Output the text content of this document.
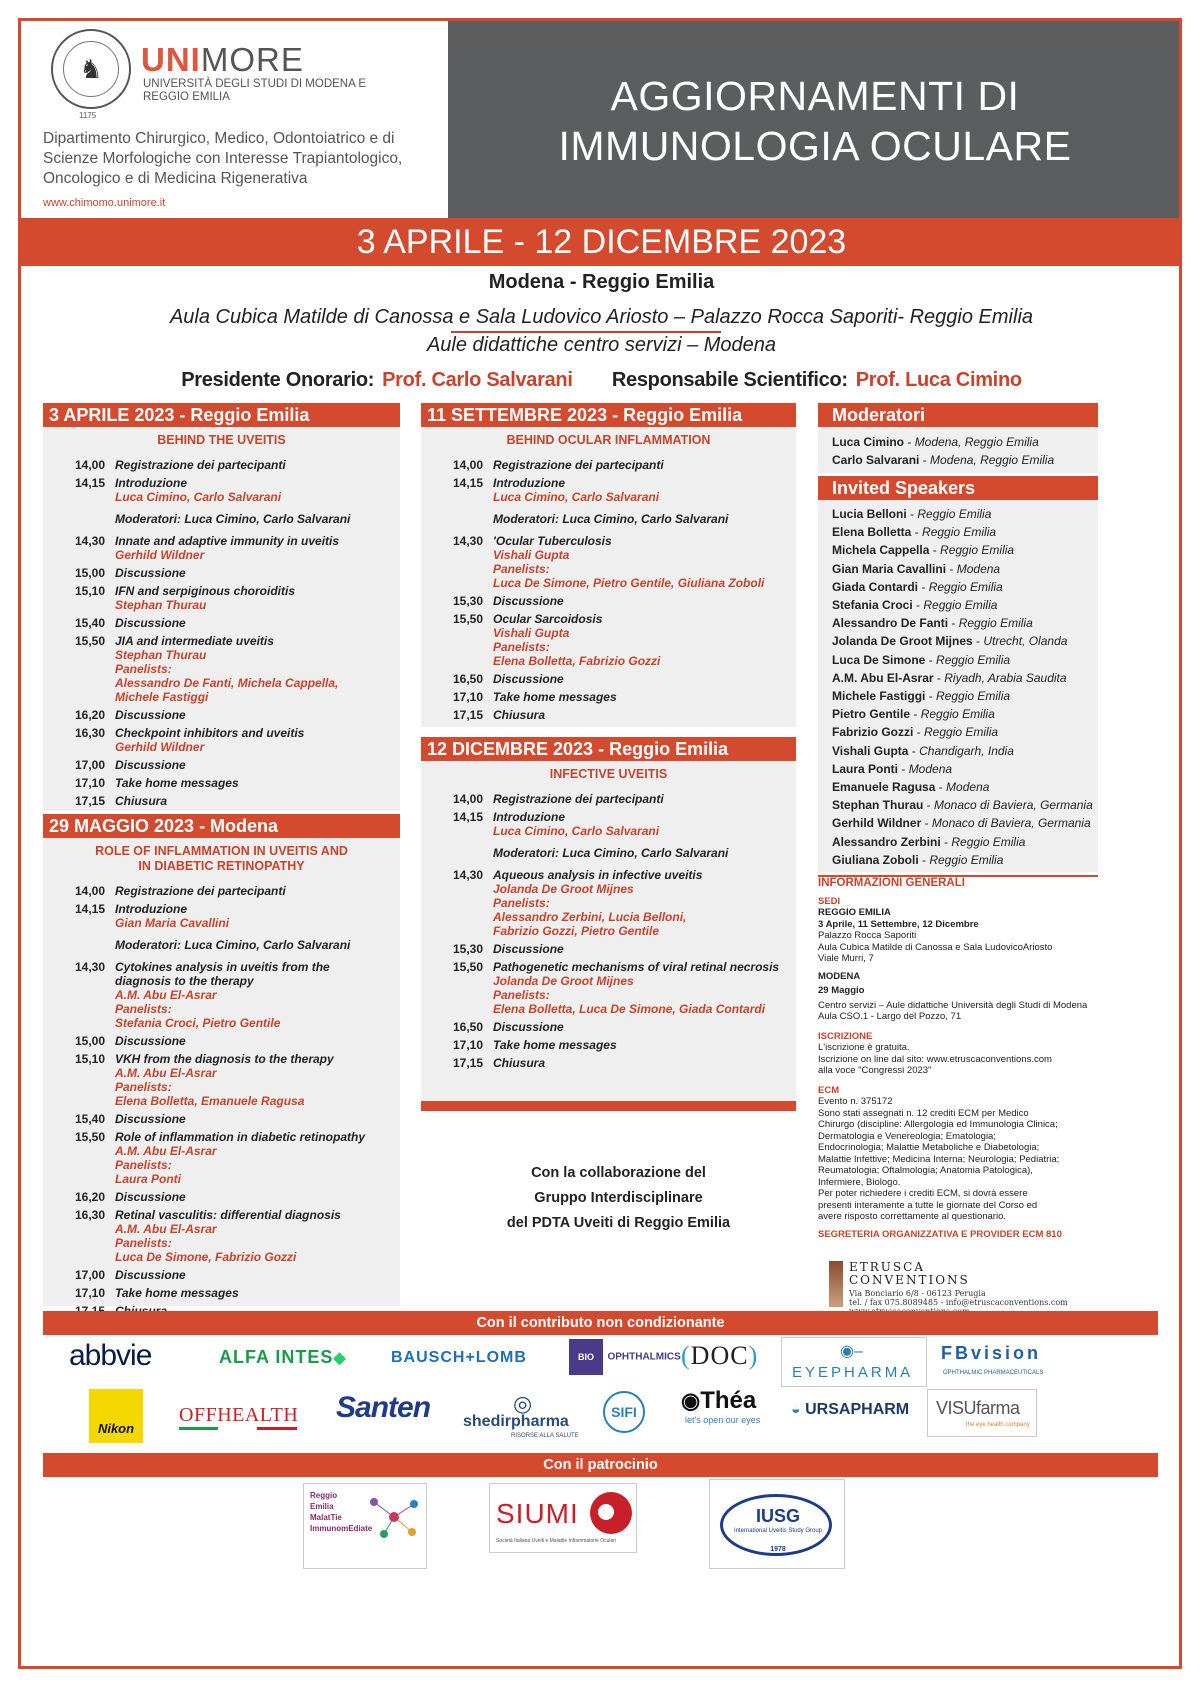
♞
1175
UNIMORE
UNIVERSITÀ DEGLI STUDI DI MODENA E REGGIO EMILIA
Dipartimento Chirurgico, Medico, Odontoiatrico e di Scienze Morfologiche con Interesse Trapiantologico, Oncologico e di Medicina Rigenerativa
www.chimomo.unimore.it
AGGIORNAMENTI DI IMMUNOLOGIA OCULARE
3 APRILE - 12 DICEMBRE 2023
Modena - Reggio Emilia
Aula Cubica Matilde di Canossa e Sala Ludovico Ariosto – Palazzo Rocca Saporiti- Reggio Emilia
Aule didattiche centro servizi – Modena
Presidente Onorario: Prof. Carlo Salvarani Responsabile Scientifico: Prof. Luca Cimino
3 APRILE 2023 - Reggio Emilia
BEHIND THE UVEITIS
14,00 Registrazione dei partecipanti
14,15 Introduzione
Luca Cimino, Carlo Salvarani
Moderatori: Luca Cimino, Carlo Salvarani
14,30 Innate and adaptive immunity in uveitis
Gerhild Wildner
15,00 Discussione
15,10 IFN and serpiginous choroiditis
Stephan Thurau
15,40 Discussione
15,50 JIA and intermediate uveitis
Stephan Thurau
Panelists:
Alessandro De Fanti, Michela Cappella, Michele Fastiggi
16,20 Discussione
16,30 Checkpoint inhibitors and uveitis
Gerhild Wildner
17,00 Discussione
17,10 Take home messages
17,15 Chiusura
29 MAGGIO 2023 - Modena
ROLE OF INFLAMMATION IN UVEITIS AND IN DIABETIC RETINOPATHY
14,00 Registrazione dei partecipanti
14,15 Introduzione
Gian Maria Cavallini
Moderatori: Luca Cimino, Carlo Salvarani
14,30 Cytokines analysis in uveitis from the diagnosis to the therapy
A.M. Abu El-Asrar
Panelists:
Stefania Croci, Pietro Gentile
15,00 Discussione
15,10 VKH from the diagnosis to the therapy
A.M. Abu El-Asrar
Panelists:
Elena Bolletta, Emanuele Ragusa
15,40 Discussione
15,50 Role of inflammation in diabetic retinopathy
A.M. Abu El-Asrar
Panelists:
Laura Ponti
16,20 Discussione
16,30 Retinal vasculitis: differential diagnosis
A.M. Abu El-Asrar
Panelists:
Luca De Simone, Fabrizio Gozzi
17,00 Discussione
17,10 Take home messages
11 SETTEMBRE 2023 - Reggio Emilia
BEHIND OCULAR INFLAMMATION
14,00 Registrazione dei partecipanti
14,15 Introduzione
Luca Cimino, Carlo Salvarani
Moderatori: Luca Cimino, Carlo Salvarani
14,30 'Ocular Tuberculosis
Vishali Gupta
Panelists:
Luca De Simone, Pietro Gentile, Giuliana Zoboli
15,30 Discussione
15,50 Ocular Sarcoidosis
Vishali Gupta
Panelists:
Elena Bolletta, Fabrizio Gozzi
16,50 Discussione
17,10 Take home messages
17,15 Chiusura
12 DICEMBRE 2023 - Reggio Emilia
INFECTIVE UVEITIS
14,00 Registrazione dei partecipanti
14,15 Introduzione
Luca Cimino, Carlo Salvarani
Moderatori: Luca Cimino, Carlo Salvarani
14,30 Aqueous analysis in infective uveitis
Jolanda De Groot Mijnes
Panelists:
Alessandro Zerbini, Lucia Belloni, Fabrizio Gozzi, Pietro Gentile
15,30 Discussione
15,50 Pathogenetic mechanisms of viral retinal necrosis
Jolanda De Groot Mijnes
Panelists:
Elena Bolletta, Luca De Simone, Giada Contardi
16,50 Discussione
17,10 Take home messages
17,15 Chiusura
Con la collaborazione del
Gruppo Interdisciplinare
del PDTA Uveiti di Reggio Emilia
Moderatori
Luca Cimino - Modena, Reggio Emilia
Carlo Salvarani - Modena, Reggio Emilia
Invited Speakers
Lucia Belloni - Reggio Emilia
Elena Bolletta - Reggio Emilia
Michela Cappella - Reggio Emilia
Gian Maria Cavallini - Modena
Giada Contardi - Reggio Emilia
Stefania Croci - Reggio Emilia
Alessandro De Fanti - Reggio Emilia
Jolanda De Groot Mijnes - Utrecht, Olanda
Luca De Simone - Reggio Emilia
A.M. Abu El-Asrar - Riyadh, Arabia Saudita
Michele Fastiggi - Reggio Emilia
Pietro Gentile - Reggio Emilia
Fabrizio Gozzi - Reggio Emilia
Vishali Gupta - Chandigarh, India
Laura Ponti - Modena
Emanuele Ragusa - Modena
Stephan Thurau - Monaco di Baviera, Germania
Gerhild Wildner - Monaco di Baviera, Germania
Alessandro Zerbini - Reggio Emilia
Giuliana Zoboli - Reggio Emilia
INFORMAZIONI GENERALI
SEDI
REGGIO EMILIA
3 Aprile, 11 Settembre, 12 Dicembre
Palazzo Rocca Saporiti
Aula Cubica Matilde di Canossa e Sala LudovicoAriosto
Viale Murri, 7
MODENA
29 Maggio
Centro servizi – Aule didattiche Università degli Studi di Modena
Aula CSO.1 - Largo del Pozzo, 71
ISCRIZIONE
L'iscrizione è gratuita.
Iscrizione on line dal sito: www.etruscaconventions.com
alla voce "Congressi 2023"
ECM
Evento n. 375172
Sono stati assegnati n. 12 crediti ECM per Medico Chirurgo (discipline: Allergologia ed Immunologia Clinica; Dermatologia e Venereologia; Ematologia; Endocrinologia; Malattie Metaboliche e Diabetologia; Malattie Infettive; Medicina Interna; Neurologia; Pediatria; Reumatologia; Oftalmologia; Anatomia Patologica), Infermiere, Biologo.
Per poter richiedere i crediti ECM, si dovrà essere presenti interamente a tutte le giornate del Corso ed avere risposto correttamente al questionario.
SEGRETERIA ORGANIZZATIVA E PROVIDER ECM 810
ETRUSCA CONVENTIONS
Via Bonciario 6/8 - 06123 Perugia
tel. / fax 075.8089485 - info@etruscaconventions.com
Con il contributo non condizionante
abbvie	ALFA INTES◆	BAUSCH+LOMB	BIO OPHTHALMICS (DOC)	◉–
EYEPHARMA
FBvision
OPHTHALMIC PHARMACEUTICALS
Nikon
OFFHEALTH Santen	◎
shedirpharma
RISORSE ALLA SALUTE
SIFI	◉Théa
let's open our eyes
◒ URSAPHARM VISUfarma
the eye health company
Con il patrocinio
Reggio
Emilia
MalatTie
ImmunomEdiate	SIUMI
Società Italiana Uveiti e Malattie Infiammatorie Oculari
IUSG
International Uveitis Study Group
1978
